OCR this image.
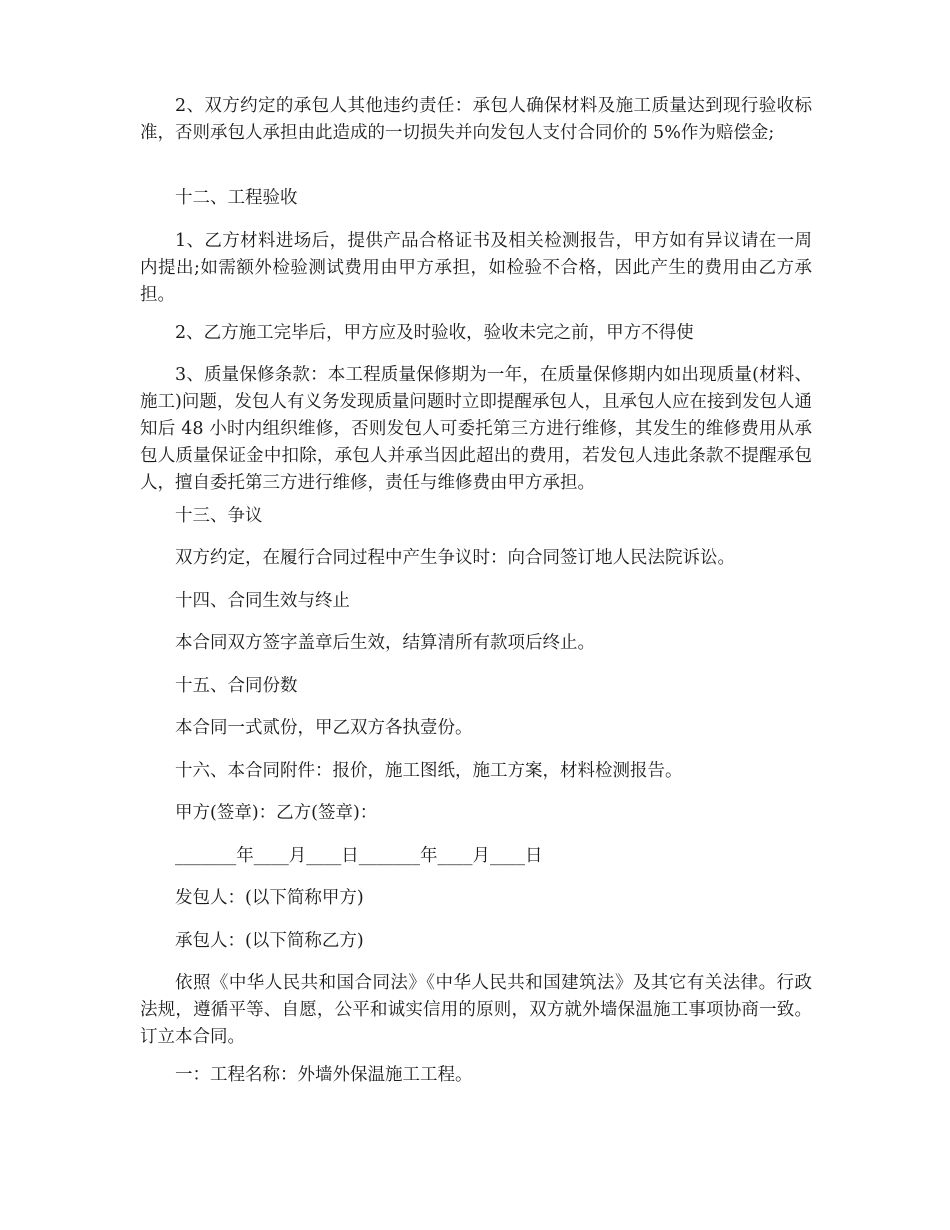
2、双方约定的承包人其他违约责任：承包人确保材料及施工质量达到现行验收标准，否则承包人承担由此造成的一切损失并向发包人支付合同价的 5%作为赔偿金;

十二、工程验收

1、乙方材料进场后，提供产品合格证书及相关检测报告，甲方如有异议请在一周内提出;如需额外检验测试费用由甲方承担，如检验不合格，因此产生的费用由乙方承担。

2、乙方施工完毕后，甲方应及时验收，验收未完之前，甲方不得使

3、质量保修条款：本工程质量保修期为一年，在质量保修期内如出现质量(材料、施工)问题，发包人有义务发现质量问题时立即提醒承包人，且承包人应在接到发包人通知后 48 小时内组织维修，否则发包人可委托第三方进行维修，其发生的维修费用从承包人质量保证金中扣除，承包人并承当因此超出的费用，若发包人违此条款不提醒承包人，擅自委托第三方进行维修，责任与维修费由甲方承担。

十三、争议

双方约定，在履行合同过程中产生争议时：向合同签订地人民法院诉讼。

十四、合同生效与终止

本合同双方签字盖章后生效，结算清所有款项后终止。

十五、合同份数

本合同一式贰份，甲乙双方各执壹份。

十六、本合同附件：报价，施工图纸，施工方案，材料检测报告。

甲方(签章)：乙方(签章)：

_______年____月____日_______年____月____日

发包人：(以下简称甲方)

承包人：(以下简称乙方)

依照《中华人民共和国合同法》《中华人民共和国建筑法》及其它有关法律。行政法规，遵循平等、自愿，公平和诚实信用的原则，双方就外墙保温施工事项协商一致。订立本合同。

一：工程名称：外墙外保温施工工程。
